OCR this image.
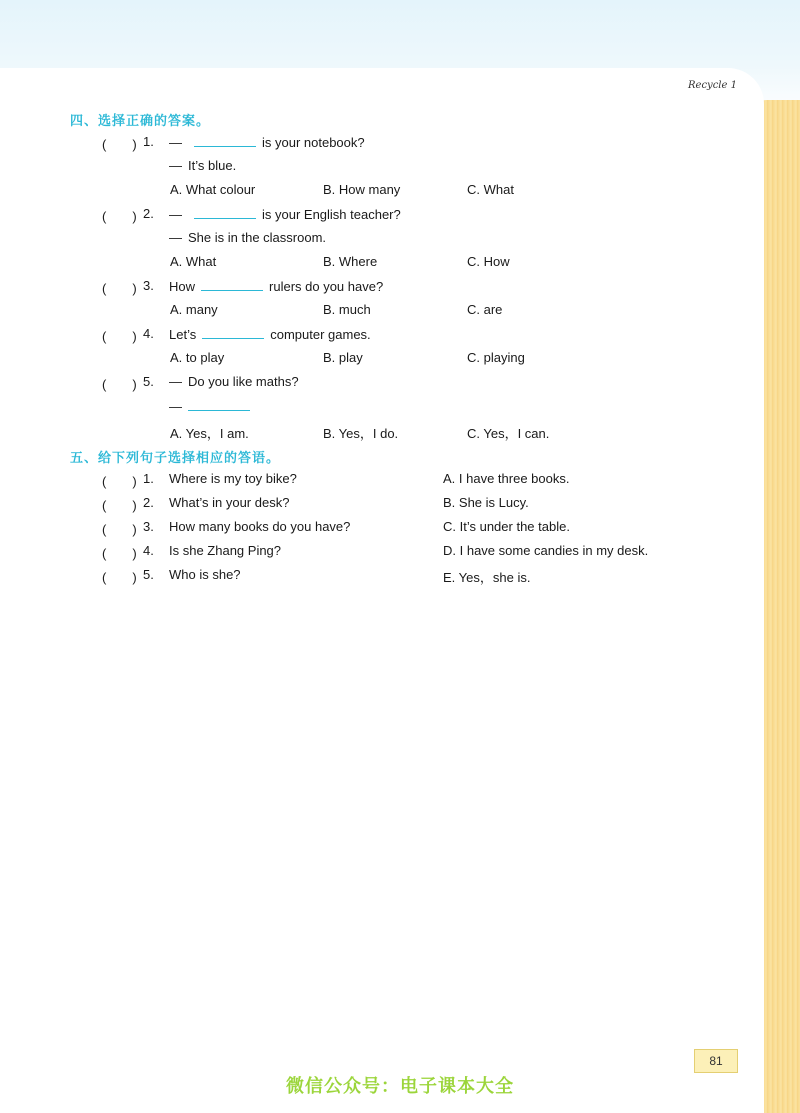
Recycle 1
四、选择正确的答案。
(　　) 1. —	is your notebook?
— It’s blue.
A. What colour	B. How many	C. What
(　　) 2. —	is your English teacher?
— She is in the classroom.
A. What	B. Where	C. How
(　　) 3. How	rulers do you have?
A. many	B. much	C. are
(　　) 4. Let’s	computer games.
A. to play	B. play	C. playing
(　　) 5. — Do you like maths?
—
A. Yes，I am.	B. Yes，I do.	C. Yes，I can.
五、给下列句子选择相应的答语。
(　　) 1. Where is my toy bike?	A. I have three books.
(　　) 2. What’s in your desk?	B. She is Lucy.
(　　) 3. How many books do you have?	C. It’s under the table.
(　　) 4. Is she Zhang Ping?	D. I have some candies in my desk.
(　　) 5. Who is she?	E. Yes，she is.
81
微信公众号：电子课本大全
